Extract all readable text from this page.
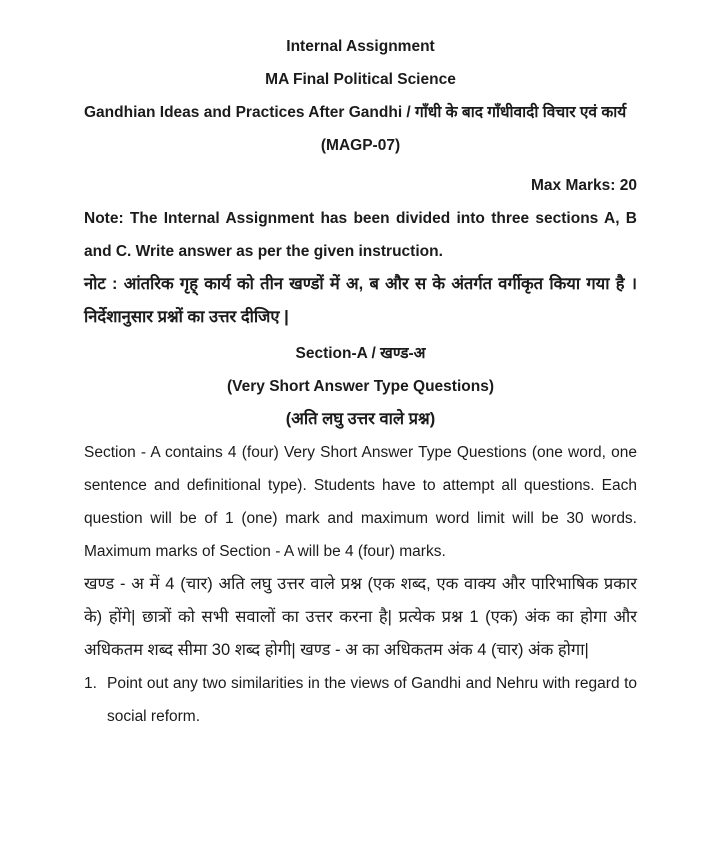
Internal Assignment
MA Final Political Science
Gandhian Ideas and Practices After Gandhi / गाँधी के बाद गाँधीवादी विचार एवं कार्य
(MAGP-07)
Max Marks: 20
Note: The Internal Assignment has been divided into three sections A, B and C. Write answer as per the given instruction.
नोट : आंतरिक गृह् कार्य को तीन खण्डों में अ, ब और स के अंतर्गत वर्गीकृत किया गया है । निर्देशानुसार प्रश्नों का उत्तर दीजिए |
Section-A / खण्ड-अ
(Very Short Answer Type Questions)
(अति लघु उत्तर वाले प्रश्न)
Section - A contains 4 (four) Very Short Answer Type Questions (one word, one sentence and definitional type). Students have to attempt all questions. Each question will be of 1 (one) mark and maximum word limit will be 30 words. Maximum marks of Section - A will be 4 (four) marks.
खण्ड - अ में 4 (चार) अति लघु उत्तर वाले प्रश्न (एक शब्द, एक वाक्य और पारिभाषिक प्रकार के) होंगे| छात्रों को सभी सवालों का उत्तर करना है| प्रत्येक प्रश्न 1 (एक) अंक का होगा और अधिकतम शब्द सीमा 30 शब्द होगी| खण्ड - अ का अधिकतम अंक 4 (चार) अंक होगा|
1. Point out any two similarities in the views of Gandhi and Nehru with regard to social reform.
